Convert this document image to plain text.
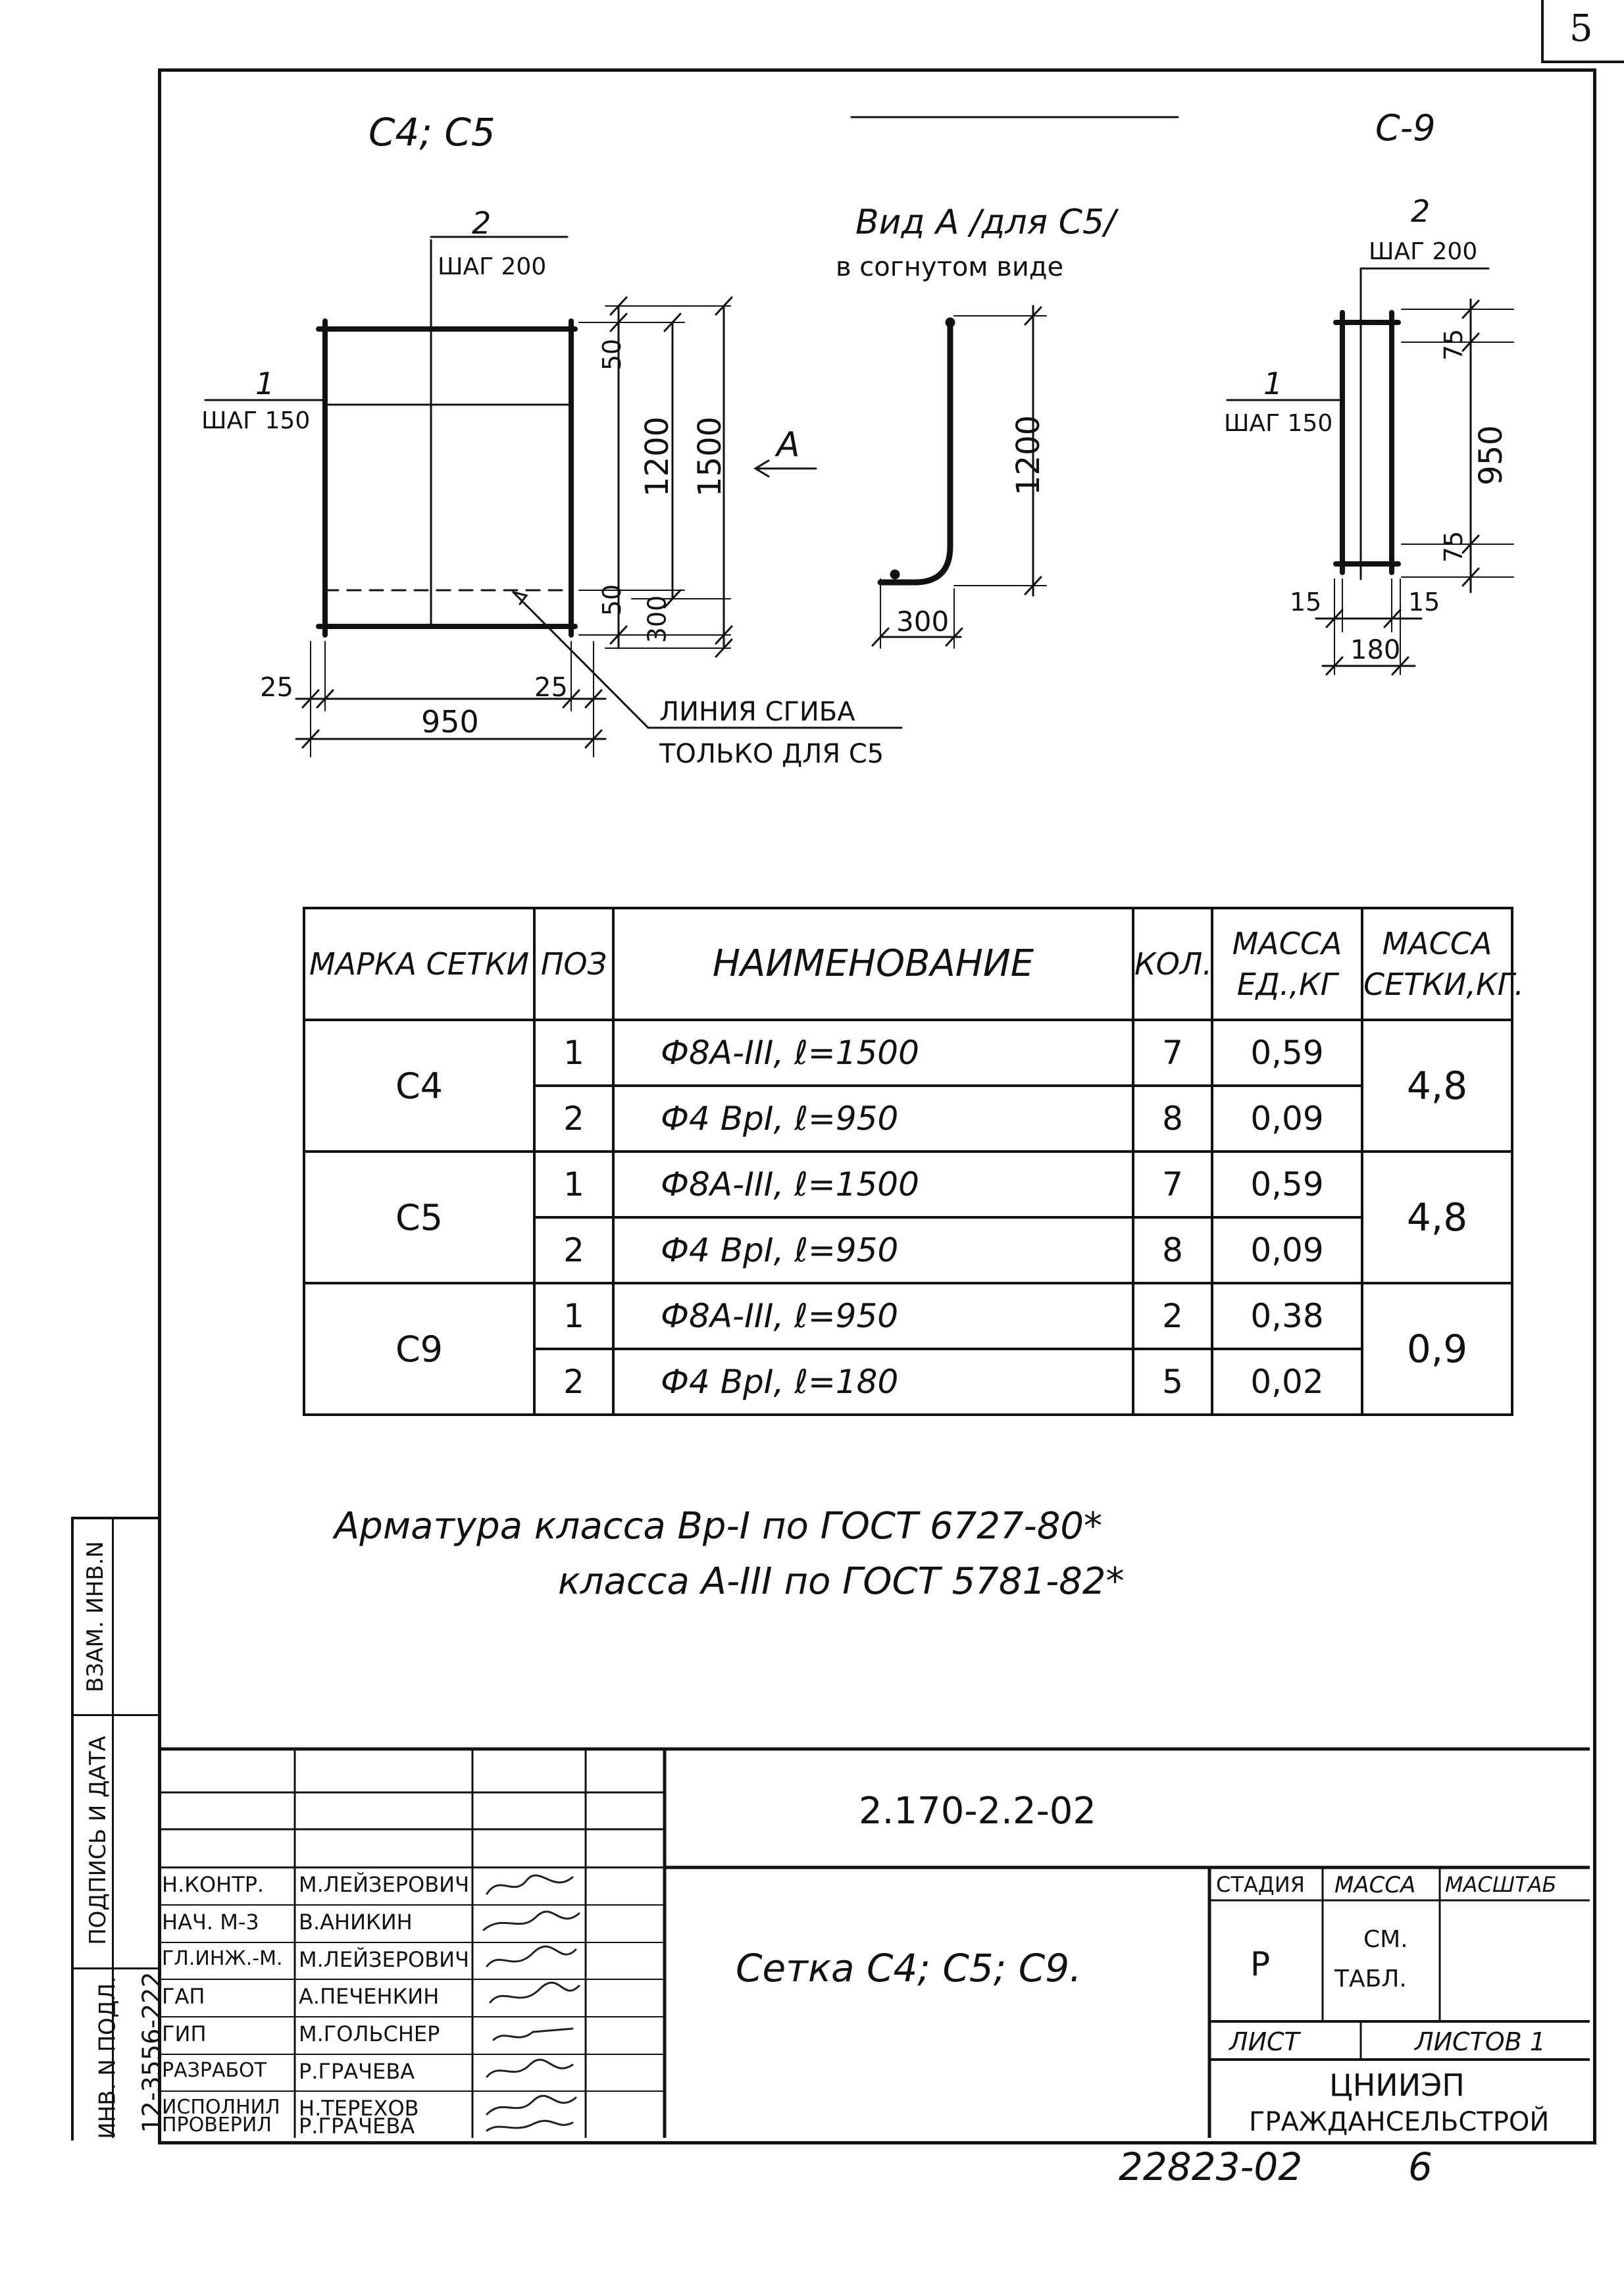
5
ВЗАМ. ИНВ.N
ПОДПИСЬ И ДАТА
ИНВ. N ПОДЛ. 12-3556-222
С4; С5	С-9
Вид А /для С5/
в согнутом виде
А
2
ШАГ 200
1
ШАГ 150
50
1200 1500
50 300
25	25
950	ЛИНИЯ СГИБА
ТОЛЬКО ДЛЯ С5
1200
300
2
ШАГ 200
1
ШАГ 150
75
950
75
15	15
180
МАРКА СЕТКИ	ПОЗ	НАИМЕНОВАНИЕ	КОЛ.	МАССА ЕД.,КГ	МАССА СЕТКИ,КГ.
С4	1	Ф8А-III, ℓ=1500	7	0,59	4,8
	2	Ф4 ВрI, ℓ=950	8	0,09	
С5	1	Ф8А-III, ℓ=1500	7	0,59	4,8
	2	Ф4 ВрI, ℓ=950	8	0,09	
С9	1	Ф8А-III, ℓ=950	2	0,38	0,9
	2	Ф4 ВрI, ℓ=180	5	0,02	
Арматура класса Вр-I по ГОСТ 6727-80*
класса А-III по ГОСТ 5781-82*
2.170-2.2-02
Сетка С4; С5; С9.
СТАДИЯ МАССА МАСШТАБ
Р
СМ.
ТАБЛ.
ЛИСТ	ЛИСТОВ 1
ЦНИИЭП
ГРАЖДАНСЕЛЬСТРОЙ
Н.КОНТР. М.ЛЕЙЗЕРОВИЧ
НАЧ. М-3 В.АНИКИН
ГЛ.ИНЖ.-М. М.ЛЕЙЗЕРОВИЧ
ГАП	А.ПЕЧЕНКИН
ГИП	М.ГОЛЬСНЕР
РАЗРАБОТ Р.ГРАЧЕВА
ИСПОЛНИЛ Н.ТЕРЕХОВ
ПРОВЕРИЛ Р.ГРАЧЕВА
22823-02	6
